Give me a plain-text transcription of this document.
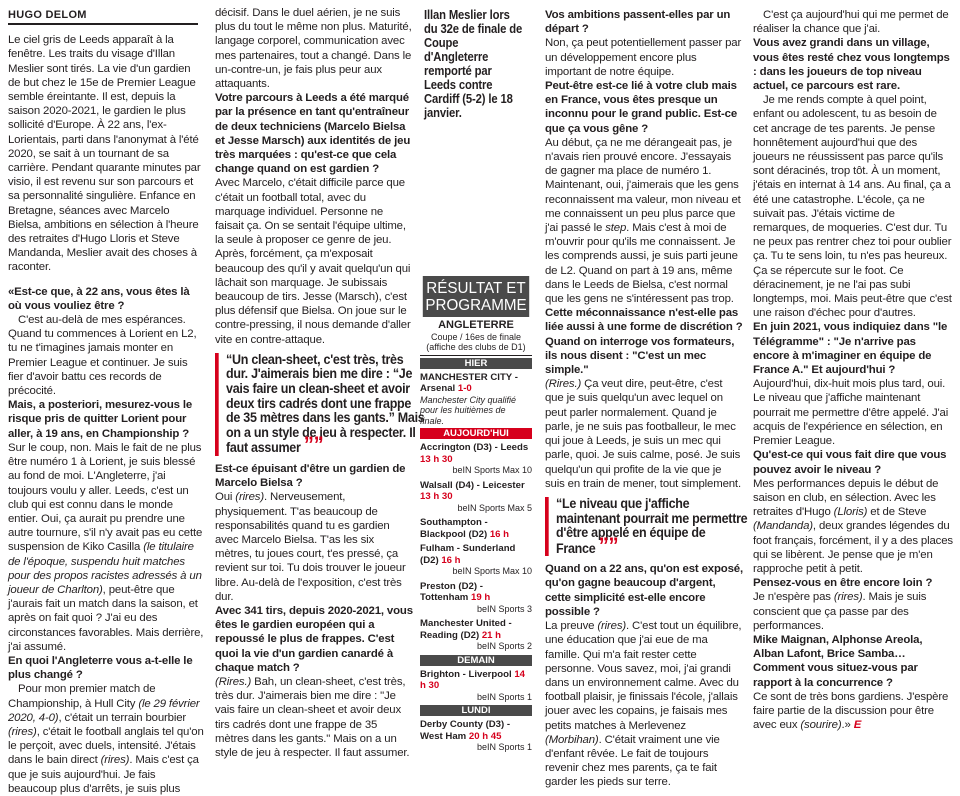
HUGO DELOM

Le ciel gris de Leeds apparaît à la fenêtre. Les traits du visage d'Illan Meslier sont tirés. La vie d'un gardien de but chez le 15e de Premier League semble éreintante. Il est, depuis la saison 2020-2021, le gardien le plus sollicité d'Europe. À 22 ans, l'ex-Lorientais, parti dans l'anonymat à l'été 2020, se sait à un tournant de sa carrière. Pendant quarante minutes par visio, il est revenu sur son parcours et sa personnalité singulière. Enfance en Bretagne, séances avec Marcelo Bielsa, ambitions en sélection à l'heure des retraites d'Hugo Lloris et Steve Mandanda, Meslier avait des choses à raconter.

«Est-ce que, à 22 ans, vous êtes là où vous vouliez être ?

C'est au-delà de mes espérances. Quand tu commences à Lorient en L2, tu ne t'imagines jamais monter en Premier League et continuer. Je suis fier d'avoir battu ces records de précocité.

Mais, a posteriori, mesurez-vous le risque pris de quitter Lorient pour aller, à 19 ans, en Championship ?

Sur le coup, non. Mais le fait de ne plus être numéro 1 à Lorient, je suis blessé au fond de moi. L'Angleterre, j'ai toujours voulu y aller. Leeds, c'est un club qui est connu dans le monde entier. Oui, ça aurait pu prendre une autre tournure, s'il n'y avait pas eu cette suspension de Kiko Casilla (le titulaire de l'époque, suspendu huit matches pour des propos racistes adressés à un joueur de Charlton), peut-être que j'aurais fait un match dans la saison, et après on fait quoi ? J'ai eu des circonstances favorables. Mais derrière, j'ai assumé.

En quoi l'Angleterre vous a-t-elle le plus changé ?

Pour mon premier match de Championship, à Hull City (le 29 février 2020, 4-0), c'était un terrain bourbier (rires), c'était le football anglais tel qu'on le perçoit, avec duels, intensité. J'étais dans le bain direct (rires). Mais c'est ça que je suis aujourd'hui. Je fais beaucoup plus d'arrêts, je suis plus

décisif. Dans le duel aérien, je ne suis plus du tout le même non plus. Maturité, langage corporel, communication avec mes partenaires, tout a changé. Dans le un-contre-un, je fais plus peur aux attaquants.

Votre parcours à Leeds a été marqué par la présence en tant qu'entraîneur de deux techniciens (Marcelo Bielsa et Jesse Marsch) aux identités de jeu très marquées : qu'est-ce que cela change quand on est gardien ?

Avec Marcelo, c'était difficile parce que c'était un football total, avec du marquage individuel. Personne ne faisait ça. On se sentait l'équipe ultime, la seule à proposer ce genre de jeu. Après, forcément, ça m'exposait beaucoup des qu'il y avait quelqu'un qui lâchait son marquage. Je subissais beaucoup de tirs. Jesse (Marsch), c'est plus défensif que Bielsa. On joue sur le contre-pressing, il nous demande d'aller vite en contre-attaque.

“Un clean-sheet, c'est très, très dur. J'aimerais bien me dire : “Je vais faire un clean-sheet et avoir deux tirs cadrés dont une frappe de 35 mètres dans les gants.” Mais on a un style de jeu à respecter. Il faut assumer ””

Est-ce épuisant d'être un gardien de Marcelo Bielsa ?

Oui (rires). Nerveusement, physiquement. T'as beaucoup de responsabilités quand tu es gardien avec Marcelo Bielsa. T'as les six mètres, tu joues court, t'es pressé, ça revient sur toi. Tu dois trouver le joueur libre. Au-delà de l'exposition, c'est très dur.

Avec 341 tirs, depuis 2020-2021, vous êtes le gardien européen qui a repoussé le plus de frappes. C'est quoi la vie d'un gardien canardé à chaque match ?

(Rires.) Bah, un clean-sheet, c'est très, très dur. J'aimerais bien me dire : "Je vais faire un clean-sheet et avoir deux tirs cadrés dont une frappe de 35 mètres dans les gants." Mais on a un style de jeu à respecter. Il faut assumer.

Illan Meslier lors du 32e de finale de Coupe d'Angleterre remporté par Leeds contre Cardiff (5-2) le 18 janvier.

RÉSULTAT ET PROGRAMME
ANGLETERRE
Coupe / 16es de finale (affiche des clubs de D1)
HIER
MANCHESTER CITY - Arsenal 1-0
Manchester City qualifié pour les huitièmes de finale.
AUJOURD'HUI
Accrington (D3) - Leeds 13 h 30
beIN Sports Max 10
Walsall (D4) - Leicester 13 h 30
beIN Sports Max 5
Southampton - Blackpool (D2) 16 h
Fulham - Sunderland (D2) 16 h
beIN Sports Max 10
Preston (D2) - Tottenham 19 h
beIN Sports 3
Manchester United - Reading (D2) 21 h
beIN Sports 2
DEMAIN
Brighton - Liverpool 14 h 30
beIN Sports 1
LUNDI
Derby County (D3) - West Ham 20 h 45
beIN Sports 1

Vos ambitions passent-elles par un départ ?

Non, ça peut potentiellement passer par un développement encore plus important de notre équipe.

Peut-être est-ce lié à votre club mais en France, vous êtes presque un inconnu pour le grand public. Est-ce que ça vous gêne ?

Au début, ça ne me dérangeait pas, je n'avais rien prouvé encore. J'essayais de gagner ma place de numéro 1. Maintenant, oui, j'aimerais que les gens reconnaissent ma valeur, mon niveau et me connaissent un peu plus parce que j'ai passé le step. Mais c'est à moi de m'ouvrir pour qu'ils me connaissent. Je les comprends aussi, je suis parti jeune de L2. Quand on part à 19 ans, même dans le Leeds de Bielsa, c'est normal que les gens ne s'intéressent pas trop.

Cette méconnaissance n'est-elle pas liée aussi à une forme de discrétion ? Quand on interroge vos formateurs, ils nous disent : "C'est un mec simple."

(Rires.) Ça veut dire, peut-être, c'est que je suis quelqu'un avec lequel on peut parler normalement. Quand je parle, je ne suis pas footballeur, le mec qui joue à Leeds, je suis un mec qui parle, quoi. Je suis calme, posé. Je suis quelqu'un qui profite de la vie que je suis en train de mener, tout simplement.

“Le niveau que j'affiche maintenant pourrait me permettre d'être appelé en équipe de France ””

Quand on a 22 ans, qu'on est exposé, qu'on gagne beaucoup d'argent, cette simplicité est-elle encore possible ?

La preuve (rires). C'est tout un équilibre, une éducation que j'ai eue de ma famille. Qui m'a fait rester cette personne. Vous savez, moi, j'ai grandi dans un environnement calme. Avec du football plaisir, je finissais l'école, j'allais jouer avec les copains, je faisais mes petits matches à Merlevenez (Morbihan). C'était vraiment une vie d'enfant rêvée. Le fait de toujours revenir chez mes parents, ça te fait garder les pieds sur terre.

C'est ça aujourd'hui qui me permet de réaliser la chance que j'ai.

Vous avez grandi dans un village, vous êtes resté chez vous longtemps : dans les joueurs de top niveau actuel, ce parcours est rare.

Je me rends compte à quel point, enfant ou adolescent, tu as besoin de cet ancrage de tes parents. Je pense honnêtement aujourd'hui que des joueurs ne réussissent pas parce qu'ils sont déracinés, trop tôt. À un moment, j'étais en internat à 14 ans. Au final, ça a été une catastrophe. L'école, ça ne suivait pas. J'étais victime de remarques, de moqueries. C'est dur. Tu ne peux pas rentrer chez toi pour oublier ça. Tu te sens loin, tu n'es pas heureux. Ça se répercute sur le foot. Ce déracinement, je ne l'ai pas subi longtemps, moi. Mais peut-être que c'est une raison d'échec pour d'autres.

En juin 2021, vous indiquiez dans "le Télégramme" : "Je n'arrive pas encore à m'imaginer en équipe de France A." Et aujourd'hui ?

Aujourd'hui, dix-huit mois plus tard, oui. Le niveau que j'affiche maintenant pourrait me permettre d'être appelé. J'ai acquis de l'expérience en sélection, en Premier League.

Qu'est-ce qui vous fait dire que vous pouvez avoir le niveau ?

Mes performances depuis le début de saison en club, en sélection. Avec les retraites d'Hugo (Lloris) et de Steve (Mandanda), deux grandes légendes du foot français, forcément, il y a des places qui se libèrent. Je pense que je m'en rapproche petit à petit.

Pensez-vous en être encore loin ?

Je n'espère pas (rires). Mais je suis conscient que ça passe par des performances.

Mike Maignan, Alphonse Areola, Alban Lafont, Brice Samba… Comment vous situez-vous par rapport à la concurrence ?

Ce sont de très bons gardiens. J'espère faire partie de la discussion pour être avec eux (sourire).» E
